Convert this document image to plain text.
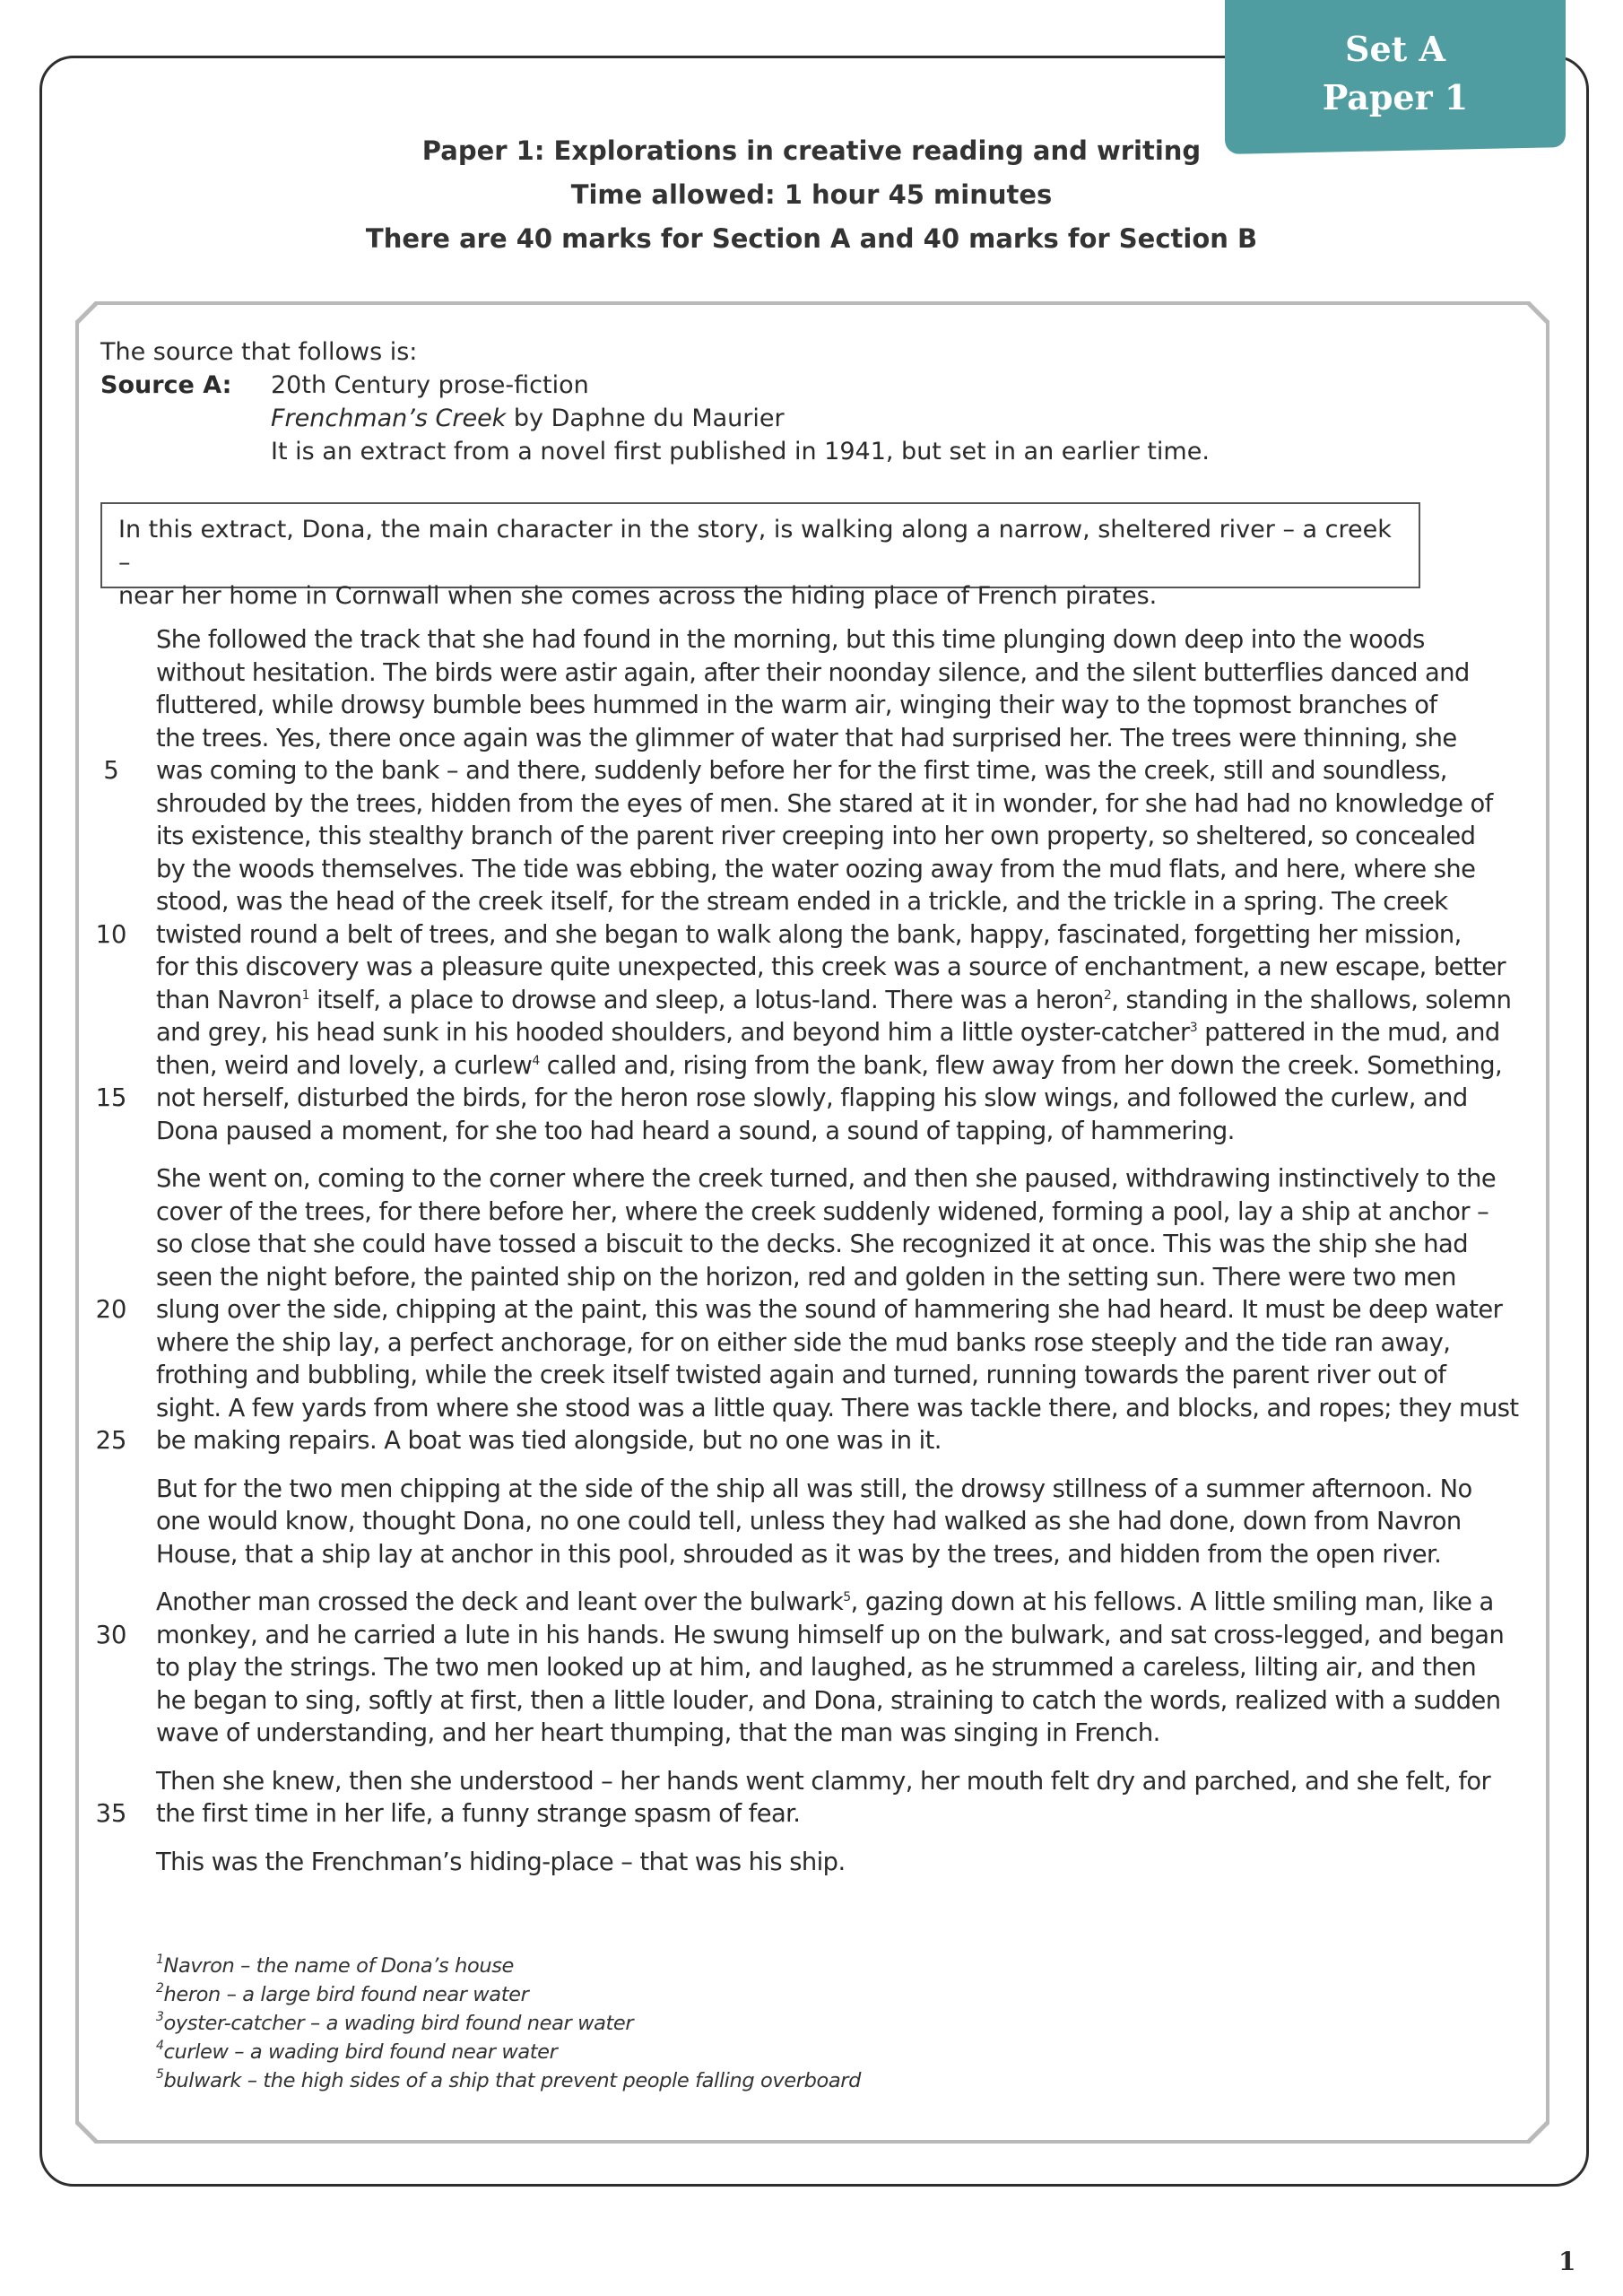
Set A
Paper 1
Paper 1: Explorations in creative reading and writing
Time allowed: 1 hour 45 minutes
There are 40 marks for Section A and 40 marks for Section B
The source that follows is:
Source A:	20th Century prose-fiction
Frenchman’s Creek by Daphne du Maurier
It is an extract from a novel first published in 1941, but set in an earlier time.
In this extract, Dona, the main character in the story, is walking along a narrow, sheltered river – a creek –
near her home in Cornwall when she comes across the hiding place of French pirates.
She followed the track that she had found in the morning, but this time plunging down deep into the woods
without hesitation. The birds were astir again, after their noonday silence, and the silent butterflies danced and
fluttered, while drowsy bumble bees hummed in the warm air, winging their way to the topmost branches of
the trees. Yes, there once again was the glimmer of water that had surprised her. The trees were thinning, she
5	was coming to the bank – and there, suddenly before her for the first time, was the creek, still and soundless,
shrouded by the trees, hidden from the eyes of men. She stared at it in wonder, for she had had no knowledge of
its existence, this stealthy branch of the parent river creeping into her own property, so sheltered, so concealed
by the woods themselves. The tide was ebbing, the water oozing away from the mud flats, and here, where she
stood, was the head of the creek itself, for the stream ended in a trickle, and the trickle in a spring. The creek
10 twisted round a belt of trees, and she began to walk along the bank, happy, fascinated, forgetting her mission,
for this discovery was a pleasure quite unexpected, this creek was a source of enchantment, a new escape, better
than Navron$^1$ itself, a place to drowse and sleep, a lotus-land. There was a heron$^2$, standing in the shallows, solemn
and grey, his head sunk in his hooded shoulders, and beyond him a little oyster-catcher$^3$ pattered in the mud, and
then, weird and lovely, a curlew$^4$ called and, rising from the bank, flew away from her down the creek. Something,
15 not herself, disturbed the birds, for the heron rose slowly, flapping his slow wings, and followed the curlew, and
Dona paused a moment, for she too had heard a sound, a sound of tapping, of hammering.
She went on, coming to the corner where the creek turned, and then she paused, withdrawing instinctively to the
cover of the trees, for there before her, where the creek suddenly widened, forming a pool, lay a ship at anchor –
so close that she could have tossed a biscuit to the decks. She recognized it at once. This was the ship she had
seen the night before, the painted ship on the horizon, red and golden in the setting sun. There were two men
20 slung over the side, chipping at the paint, this was the sound of hammering she had heard. It must be deep water
where the ship lay, a perfect anchorage, for on either side the mud banks rose steeply and the tide ran away,
frothing and bubbling, while the creek itself twisted again and turned, running towards the parent river out of
sight. A few yards from where she stood was a little quay. There was tackle there, and blocks, and ropes; they must
25 be making repairs. A boat was tied alongside, but no one was in it.
But for the two men chipping at the side of the ship all was still, the drowsy stillness of a summer afternoon. No
one would know, thought Dona, no one could tell, unless they had walked as she had done, down from Navron
House, that a ship lay at anchor in this pool, shrouded as it was by the trees, and hidden from the open river.
Another man crossed the deck and leant over the bulwark$^5$, gazing down at his fellows. A little smiling man, like a
30 monkey, and he carried a lute in his hands. He swung himself up on the bulwark, and sat cross-legged, and began
to play the strings. The two men looked up at him, and laughed, as he strummed a careless, lilting air, and then
he began to sing, softly at first, then a little louder, and Dona, straining to catch the words, realized with a sudden
wave of understanding, and her heart thumping, that the man was singing in French.
Then she knew, then she understood – her hands went clammy, her mouth felt dry and parched, and she felt, for
35 the first time in her life, a funny strange spasm of fear.
This was the Frenchman’s hiding-place – that was his ship.
$^1$Navron – the name of Dona’s house
$^2$heron – a large bird found near water
$^3$oyster-catcher – a wading bird found near water
$^4$curlew – a wading bird found near water
$^5$bulwark – the high sides of a ship that prevent people falling overboard
1
